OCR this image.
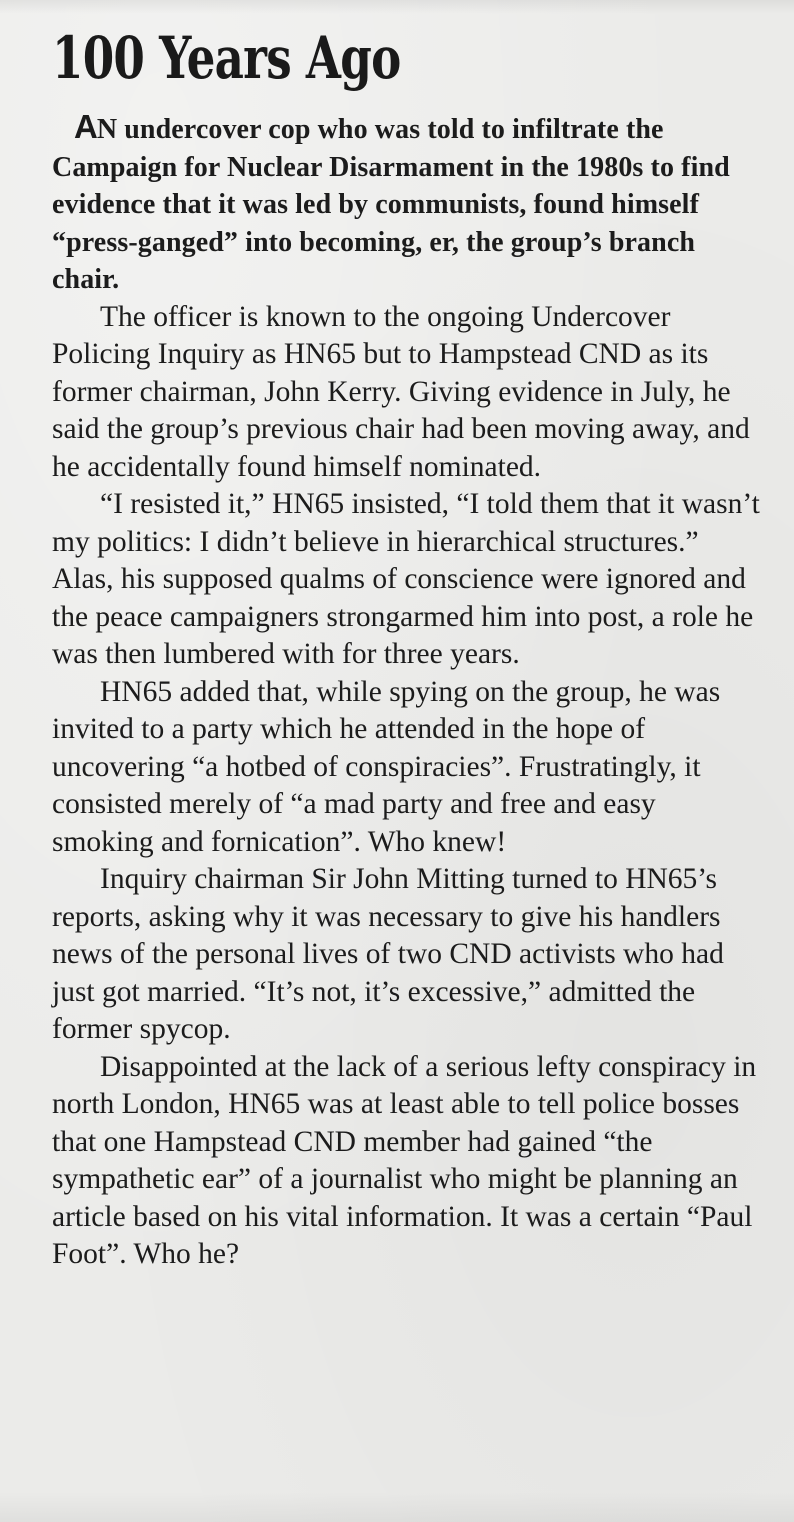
100 Years Ago

AN undercover cop who was told to infiltrate the Campaign for Nuclear Disarmament in the 1980s to find evidence that it was led by communists, found himself “press-ganged” into becoming, er, the group’s branch chair.

The officer is known to the ongoing Undercover Policing Inquiry as HN65 but to Hampstead CND as its former chairman, John Kerry. Giving evidence in July, he said the group’s previous chair had been moving away, and he accidentally found himself nominated.

“I resisted it,” HN65 insisted, “I told them that it wasn’t my politics: I didn’t believe in hierarchical structures.” Alas, his supposed qualms of conscience were ignored and the peace campaigners strongarmed him into post, a role he was then lumbered with for three years.

HN65 added that, while spying on the group, he was invited to a party which he attended in the hope of uncovering “a hotbed of conspiracies”. Frustratingly, it consisted merely of “a mad party and free and easy smoking and fornication”. Who knew!

Inquiry chairman Sir John Mitting turned to HN65’s reports, asking why it was necessary to give his handlers news of the personal lives of two CND activists who had just got married. “It’s not, it’s excessive,” admitted the former spycop.

Disappointed at the lack of a serious lefty conspiracy in north London, HN65 was at least able to tell police bosses that one Hampstead CND member had gained “the sympathetic ear” of a journalist who might be planning an article based on his vital information. It was a certain “Paul Foot”. Who he?
